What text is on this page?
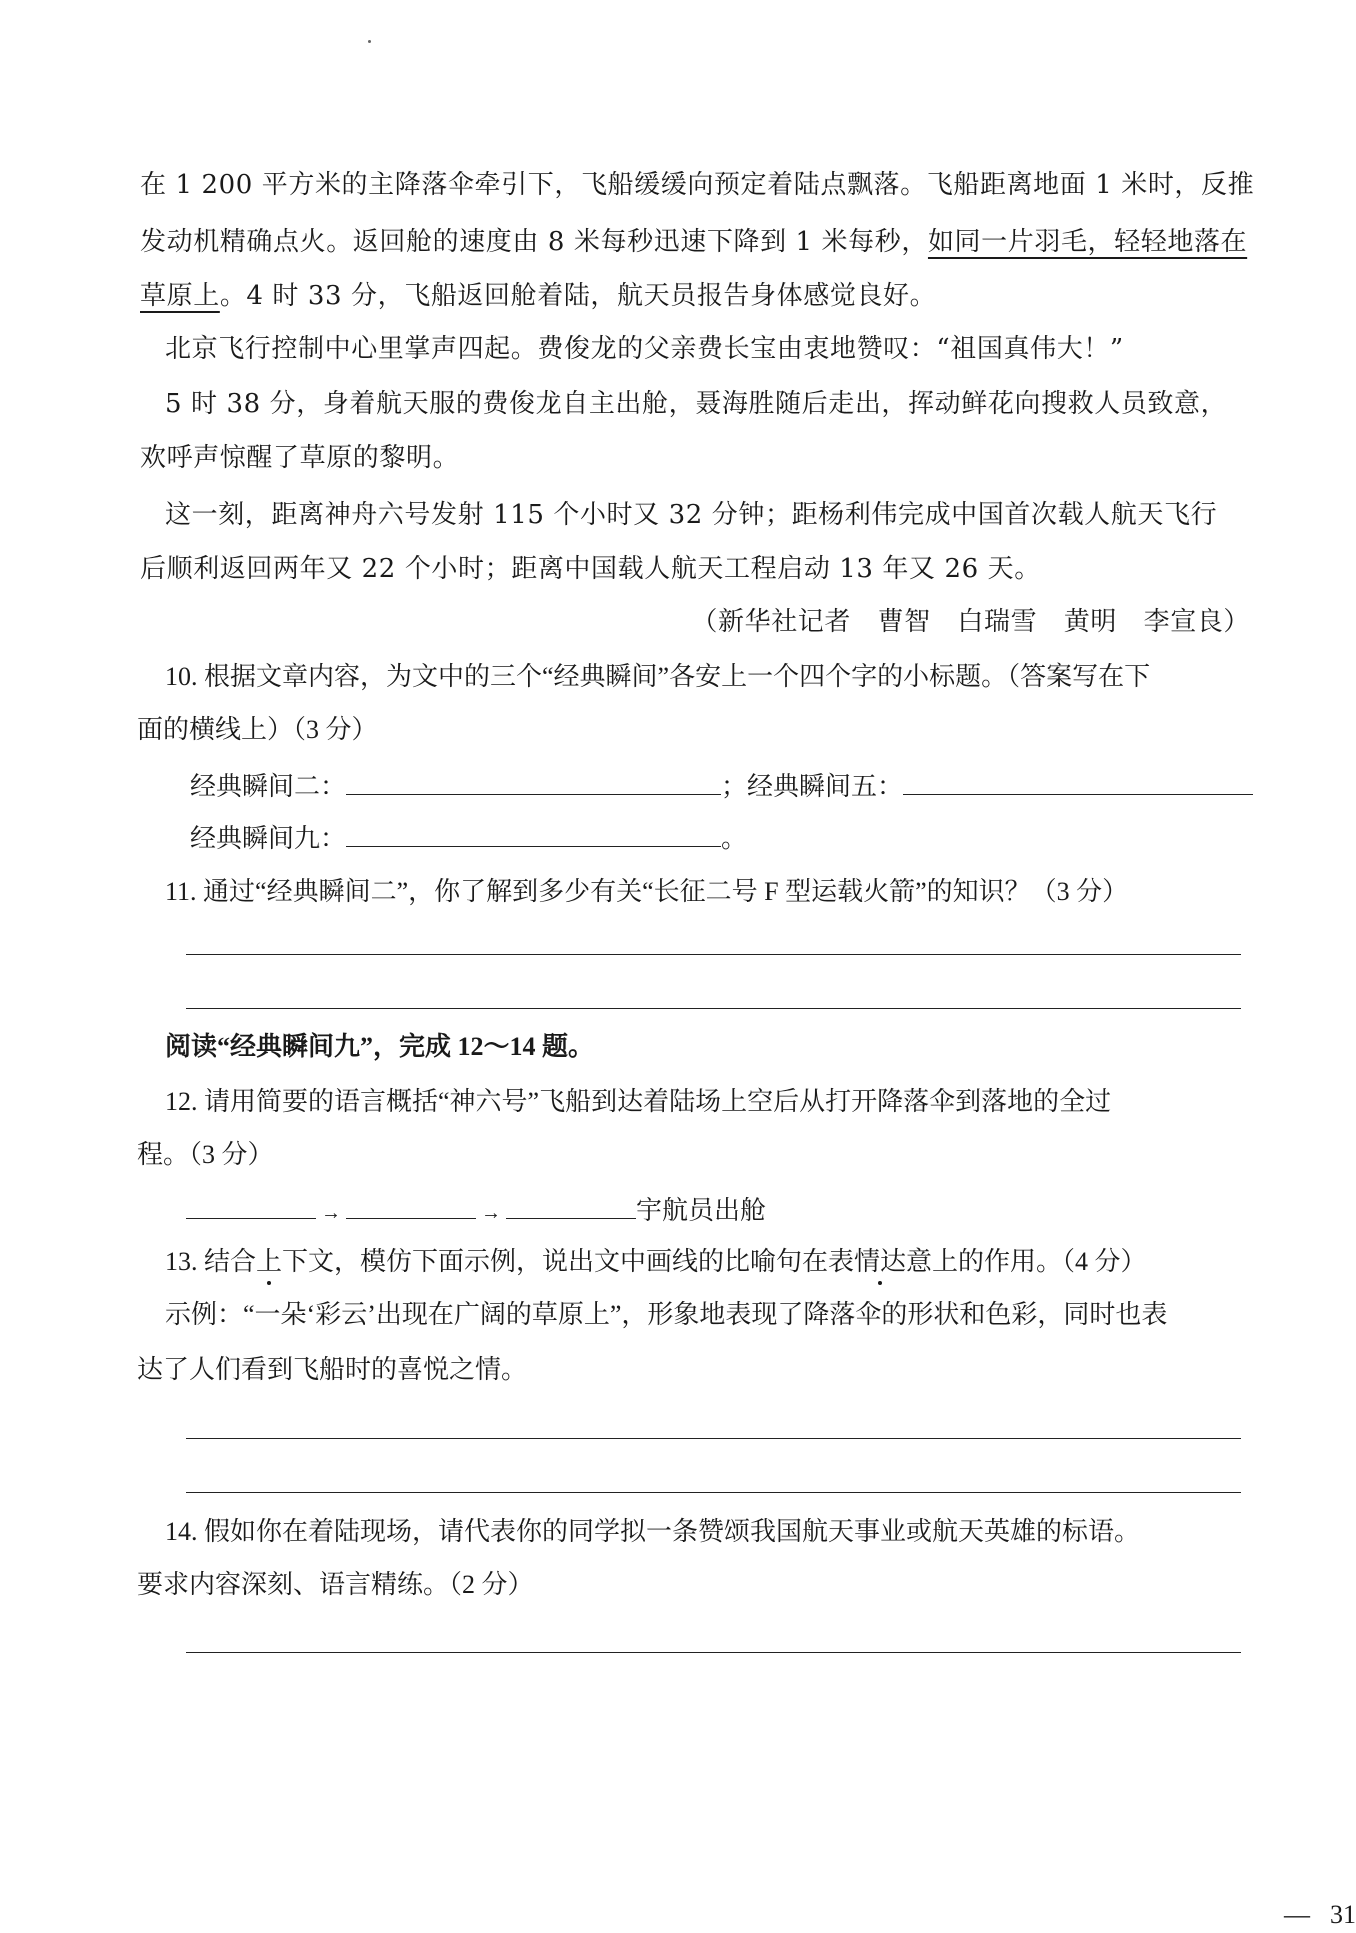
在 1 200 平方米的主降落伞牵引下，飞船缓缓向预定着陆点飘落。飞船距离地面 1 米时，反推
发动机精确点火。返回舱的速度由 8 米每秒迅速下降到 1 米每秒，如同一片羽毛，轻轻地落在
草原上。4 时 33 分，飞船返回舱着陆，航天员报告身体感觉良好。
北京飞行控制中心里掌声四起。费俊龙的父亲费长宝由衷地赞叹：“祖国真伟大！”
5 时 38 分，身着航天服的费俊龙自主出舱，聂海胜随后走出，挥动鲜花向搜救人员致意，
欢呼声惊醒了草原的黎明。
这一刻，距离神舟六号发射 115 个小时又 32 分钟；距杨利伟完成中国首次载人航天飞行
后顺利返回两年又 22 个小时；距离中国载人航天工程启动 13 年又 26 天。
（新华社记者　曹智　白瑞雪　黄明　李宣良）
10. 根据文章内容，为文中的三个“经典瞬间”各安上一个四个字的小标题。（答案写在下
面的横线上）（3 分）
经典瞬间二：	；经典瞬间五：
经典瞬间九：	。
11. 通过“经典瞬间二”，你了解到多少有关“长征二号 F 型运载火箭”的知识？（3 分）
阅读“经典瞬间九”，完成 12～14 题。
12. 请用简要的语言概括“神六号”飞船到达着陆场上空后从打开降落伞到落地的全过
程。（3 分）
→	→	宇航员出舱
13. 结合上下文，模仿下面示例，说出文中画线的比喻句在表情达意上的作用。（4 分）
示例：“一朵‘彩云’出现在广阔的草原上”，形象地表现了降落伞的形状和色彩，同时也表
达了人们看到飞船时的喜悦之情。
14. 假如你在着陆现场，请代表你的同学拟一条赞颂我国航天事业或航天英雄的标语。
要求内容深刻、语言精练。（2 分）
— 31
